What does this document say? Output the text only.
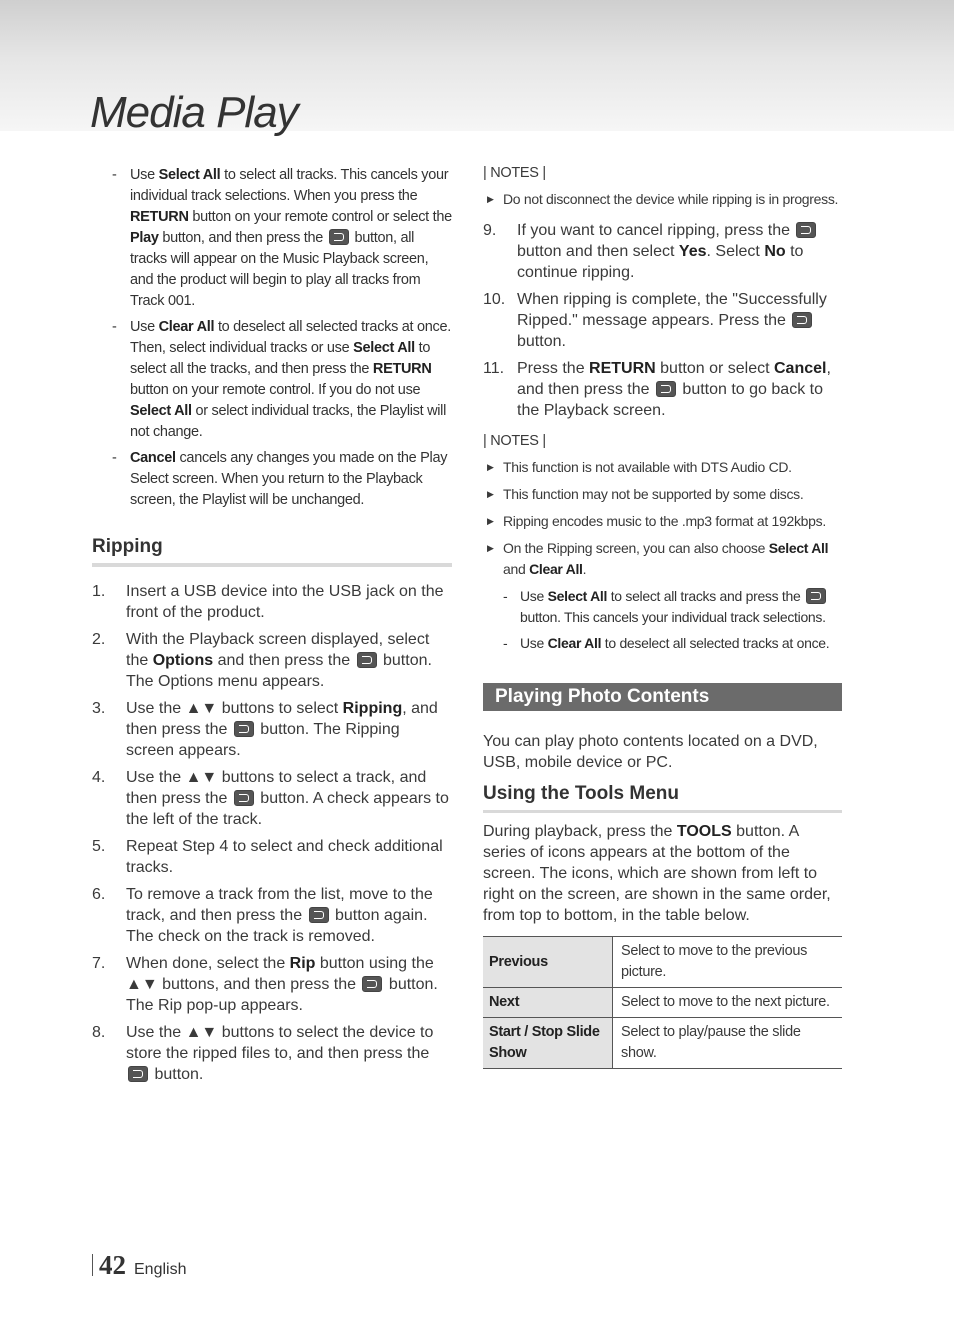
Media Play
- Use Select All to select all tracks. This cancels your individual track selections. When you press the RETURN button on your remote control or select the Play button, and then press the  button, all tracks will appear on the Music Playback screen, and the product will begin to play all tracks from Track 001.
- Use Clear All to deselect all selected tracks at once. Then, select individual tracks or use Select All to select all the tracks, and then press the RETURN button on your remote control. If you do not use Select All or select individual tracks, the Playlist will not change.
- Cancel cancels any changes you made on the Play Select screen. When you return to the Playback screen, the Playlist will be unchanged.
Ripping
1. Insert a USB device into the USB jack on the front of the product.
2. With the Playback screen displayed, select the Options and then press the  button. The Options menu appears.
3. Use the ▲▼ buttons to select Ripping, and then press the  button. The Ripping screen appears.
4. Use the ▲▼ buttons to select a track, and then press the  button. A check appears to the left of the track.
5. Repeat Step 4 to select and check additional tracks.
6. To remove a track from the list, move to the track, and then press the  button again. The check on the track is removed.
7. When done, select the Rip button using the ▲▼ buttons, and then press the  button. The Rip pop-up appears.
8. Use the ▲▼ buttons to select the device to store the ripped files to, and then press the  button.
| NOTES |
▶ Do not disconnect the device while ripping is in progress.
9. If you want to cancel ripping, press the  button and then select Yes. Select No to continue ripping.
10. When ripping is complete, the "Successfully Ripped." message appears. Press the  button.
11. Press the RETURN button or select Cancel, and then press the  button to go back to the Playback screen.
| NOTES |
▶ This function is not available with DTS Audio CD.
▶ This function may not be supported by some discs.
▶ Ripping encodes music to the .mp3 format at 192kbps.
▶ On the Ripping screen, you can also choose Select All and Clear All.
- Use Select All to select all tracks and press the  button. This cancels your individual track selections.
- Use Clear All to deselect all selected tracks at once.
Playing Photo Contents
You can play photo contents located on a DVD, USB, mobile device or PC.
Using the Tools Menu
During playback, press the TOOLS button. A series of icons appears at the bottom of the screen. The icons, which are shown from left to right on the screen, are shown in the same order, from top to bottom, in the table below.
Previous	Select to move to the previous picture.
Next	Select to move to the next picture.
Start / Stop Slide Show	Select to play/pause the slide show.
42 English
